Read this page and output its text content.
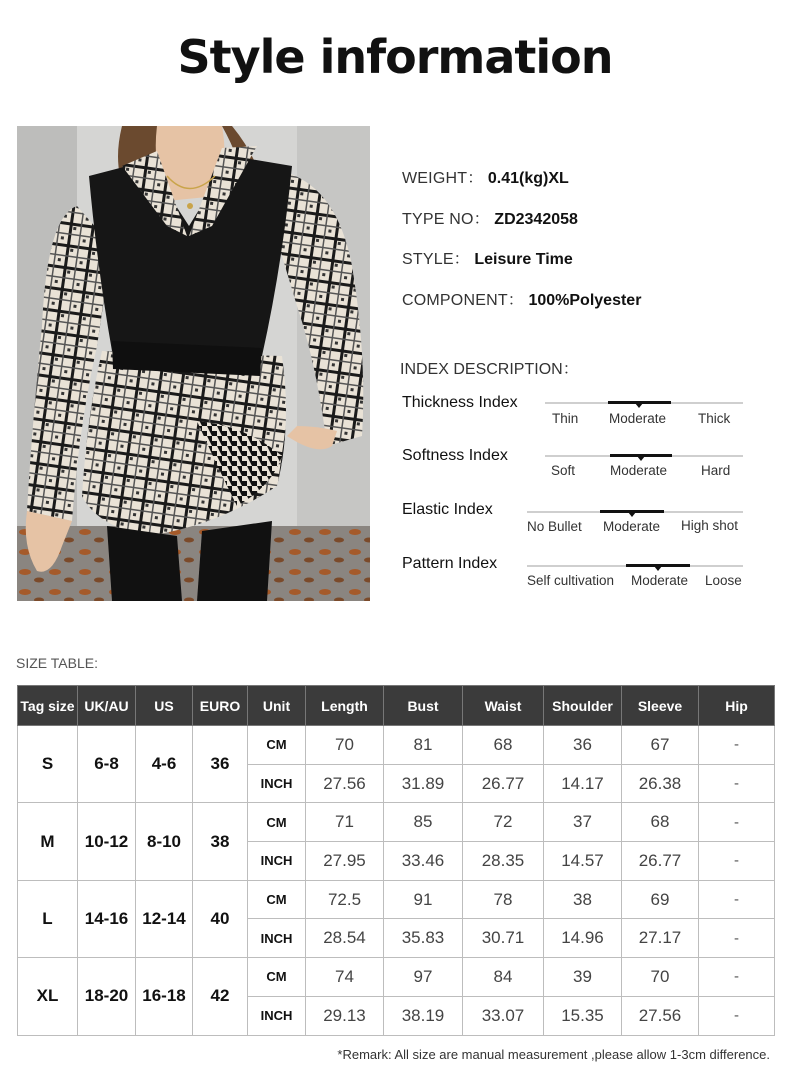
Style information
WEIGHT： 0.41(kg)XL
TYPE NO： ZD2342058
STYLE： Leisure Time
COMPONENT： 100%Polyester
INDEX DESCRIPTION：
Thickness Index
Thin Moderate Thick
Softness Index
Soft	Moderate	Hard
Elastic Index
No Bullet Moderate High shot
Pattern Index
Self cultivation Moderate Loose
SIZE TABLE:
Tag size	UK/AU	US	EURO	Unit	Length	Bust	Waist	Shoulder	Sleeve	Hip
S	6-8	4-6	36	CM	70	81	68	36	67	-
				INCH	27.56	31.89	26.77	14.17	26.38	-
M	10-12	8-10	38	CM	71	85	72	37	68	-
				INCH	27.95	33.46	28.35	14.57	26.77	-
L	14-16	12-14	40	CM	72.5	91	78	38	69	-
				INCH	28.54	35.83	30.71	14.96	27.17	-
XL	18-20	16-18	42	CM	74	97	84	39	70	-
				INCH	29.13	38.19	33.07	15.35	27.56	-
*Remark: All size are manual measurement ,please allow 1-3cm difference.
